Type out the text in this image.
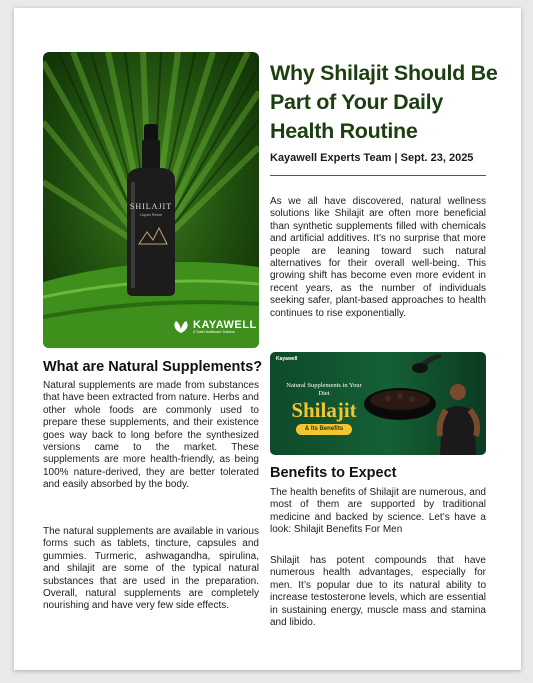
SHILAJIT
Liquid Resin
KAYAWELL
A Total Healthcare Solution
Why Shilajit Should Be Part of Your Daily Health Routine
Kayawell Experts Team | Sept. 23, 2025

As we all have discovered, natural wellness solutions like Shilajit are often more beneficial than synthetic supplements filled with chemicals and artificial additives. It’s no surprise that more people are leaning toward such natural alternatives for their overall well-being. This growing shift has become even more evident in recent years, as the number of individuals seeking safer, plant-based approaches to health continues to rise exponentially.

Kayawell
Natural Supplements in Your Diet
Shilajit
& Its Benefits
What are Natural Supplements?

Natural supplements are made from substances that have been extracted from nature. Herbs and other whole foods are commonly used to prepare these supplements, and their existence goes way back to long before the synthesized versions came to the market. These supplements are more health-friendly, as being 100% nature-derived, they are better tolerated and easily absorbed by the body.

The natural supplements are available in various forms such as tablets, tincture, capsules and gummies. Turmeric, ashwagandha, spirulina, and shilajit are some of the typical natural substances that are used in the preparation. Overall, natural supplements are completely nourishing and have very few side effects.

Benefits to Expect

The health benefits of Shilajit are numerous, and most of them are supported by traditional medicine and backed by science. Let’s have a look: Shilajit Benefits For Men

Shilajit has potent compounds that have numerous health advantages, especially for men. It’s popular due to its natural ability to increase testosterone levels, which are essential in sustaining energy, muscle mass and stamina and libido.
